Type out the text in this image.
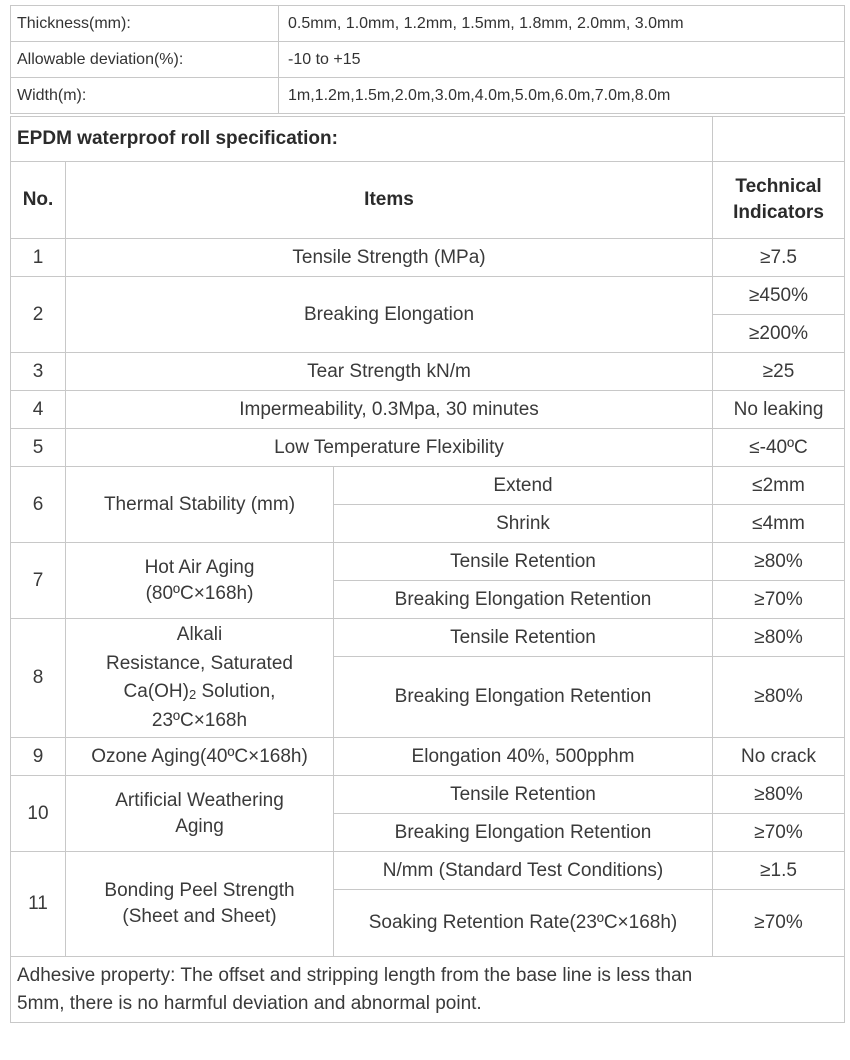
Thickness(mm):	0.5mm, 1.0mm, 1.2mm, 1.5mm, 1.8mm, 2.0mm, 3.0mm
Allowable deviation(%):	-10 to +15
Width(m):	1m,1.2m,1.5m,2.0m,3.0m,4.0m,5.0m,6.0m,7.0m,8.0m
EPDM waterproof roll specification:			
No.	Items		Technical
Indicators
1	Tensile Strength (MPa)		≥7.5
2	Breaking Elongation		≥450%
			≥200%
3	Tear Strength kN/m		≥25
4	Impermeability, 0.3Mpa, 30 minutes		No leaking
5	Low Temperature Flexibility		≤-40ºC
6	Thermal Stability (mm)	Extend	≤2mm
		Shrink	≤4mm
7	Hot Air Aging
(80ºC×168h)	Tensile Retention	≥80%
		Breaking Elongation Retention	≥70%
8	Alkali
Resistance, Saturated
$Ca(OH)_2$ Solution,
23ºC×168h	Tensile Retention	≥80%
		Breaking Elongation Retention	≥80%
9	Ozone Aging(40ºC×168h)	Elongation 40%, 500pphm	No crack
10	Artificial Weathering
Aging	Tensile Retention	≥80%
		Breaking Elongation Retention	≥70%
11	Bonding Peel Strength
(Sheet and Sheet)	N/mm (Standard Test Conditions)	≥1.5
		Soaking Retention Rate(23ºC×168h)	≥70%
Adhesive property: The offset and stripping length from the base line is less than
5mm, there is no harmful deviation and abnormal point.			
